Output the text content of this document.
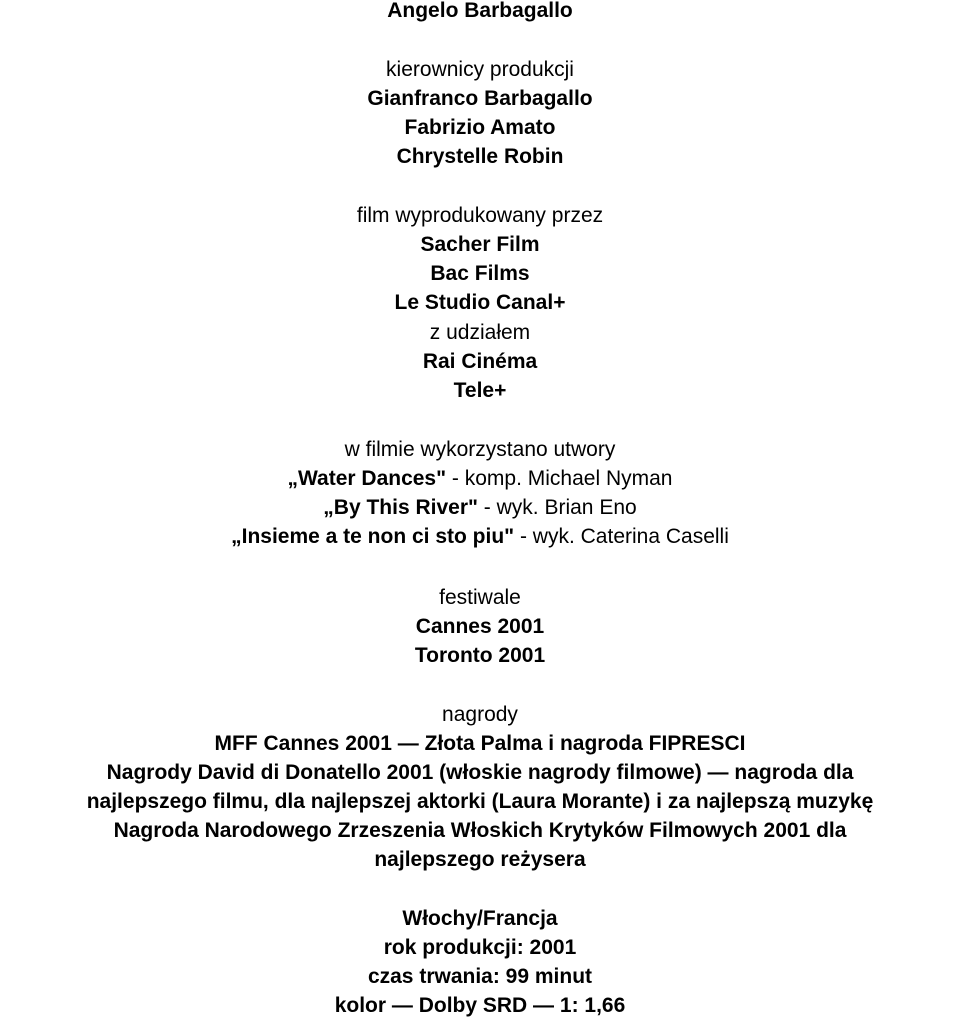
Angelo Barbagallo
kierownicy produkcji
Gianfranco Barbagallo
Fabrizio Amato
Chrystelle Robin
film wyprodukowany przez
Sacher Film
Bac Films
Le Studio Canal+
z udziałem
Rai Cinéma
Tele+
w filmie wykorzystano utwory
„Water Dances" - komp. Michael Nyman
„By This River" - wyk. Brian Eno
„Insieme a te non ci sto piu" - wyk. Caterina Caselli
festiwale
Cannes 2001
Toronto 2001
nagrody
MFF Cannes 2001 — Złota Palma i nagroda FIPRESCI
Nagrody David di Donatello 2001 (włoskie nagrody filmowe) — nagroda dla
najlepszego filmu, dla najlepszej aktorki (Laura Morante) i za najlepszą muzykę
Nagroda Narodowego Zrzeszenia Włoskich Krytyków Filmowych 2001 dla
najlepszego reżysera
Włochy/Francja
rok produkcji: 2001
czas trwania: 99 minut
kolor — Dolby SRD — 1: 1,66
